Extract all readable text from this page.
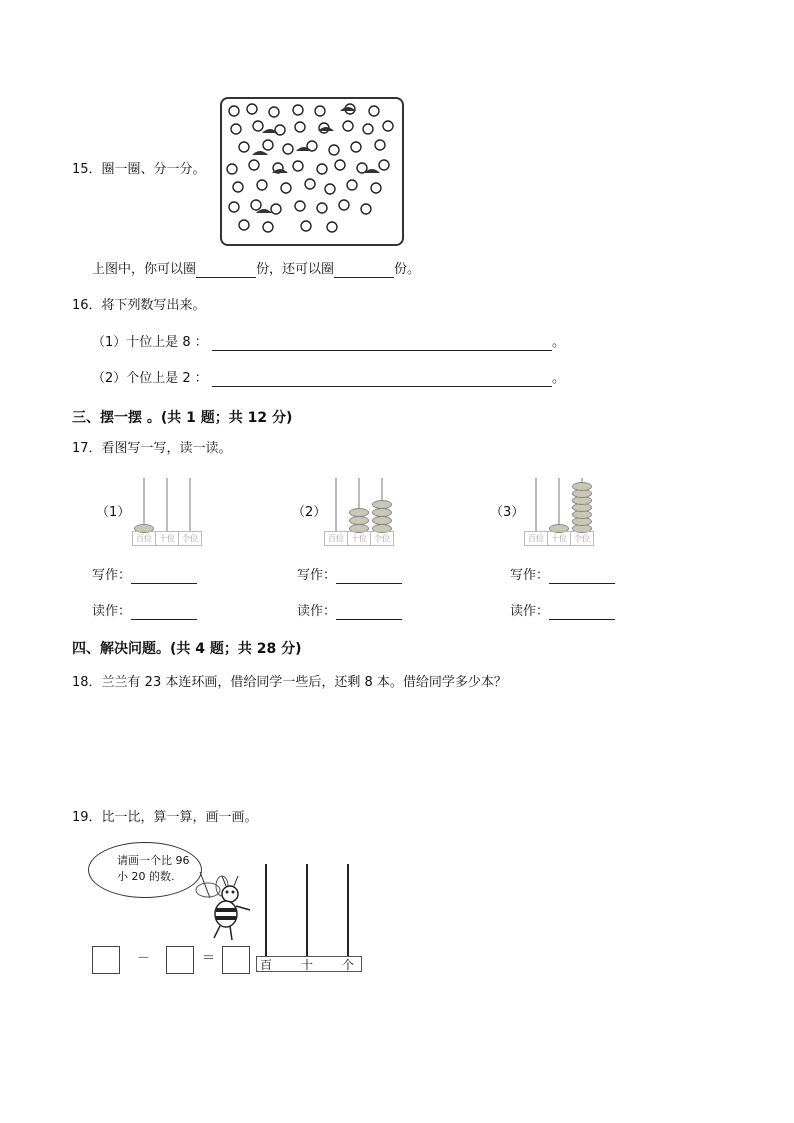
15．圈一圈、分一分。
上图中，你可以圈	份，还可以圈	份。
16．将下列数写出来。
（1）十位上是 8 ：	。
（2）个位上是 2 ：	。
三、摆一摆 。(共 1 题；共 12 分)
17．看图写一写，读一读。
（1）
百位 十位 个位
（2）
百位 十位 个位
（3）
百位 十位 个位
写作：	写作：	写作：
读作：	读作：	读作：
四、解决问题。(共 4 题；共 28 分)
18．兰兰有 23 本连环画，借给同学一些后，还剩 8 本。借给同学多少本？
19．比一比，算一算，画一画。
请画一个比 96
小 20 的数.
－	＝	百 十 个
